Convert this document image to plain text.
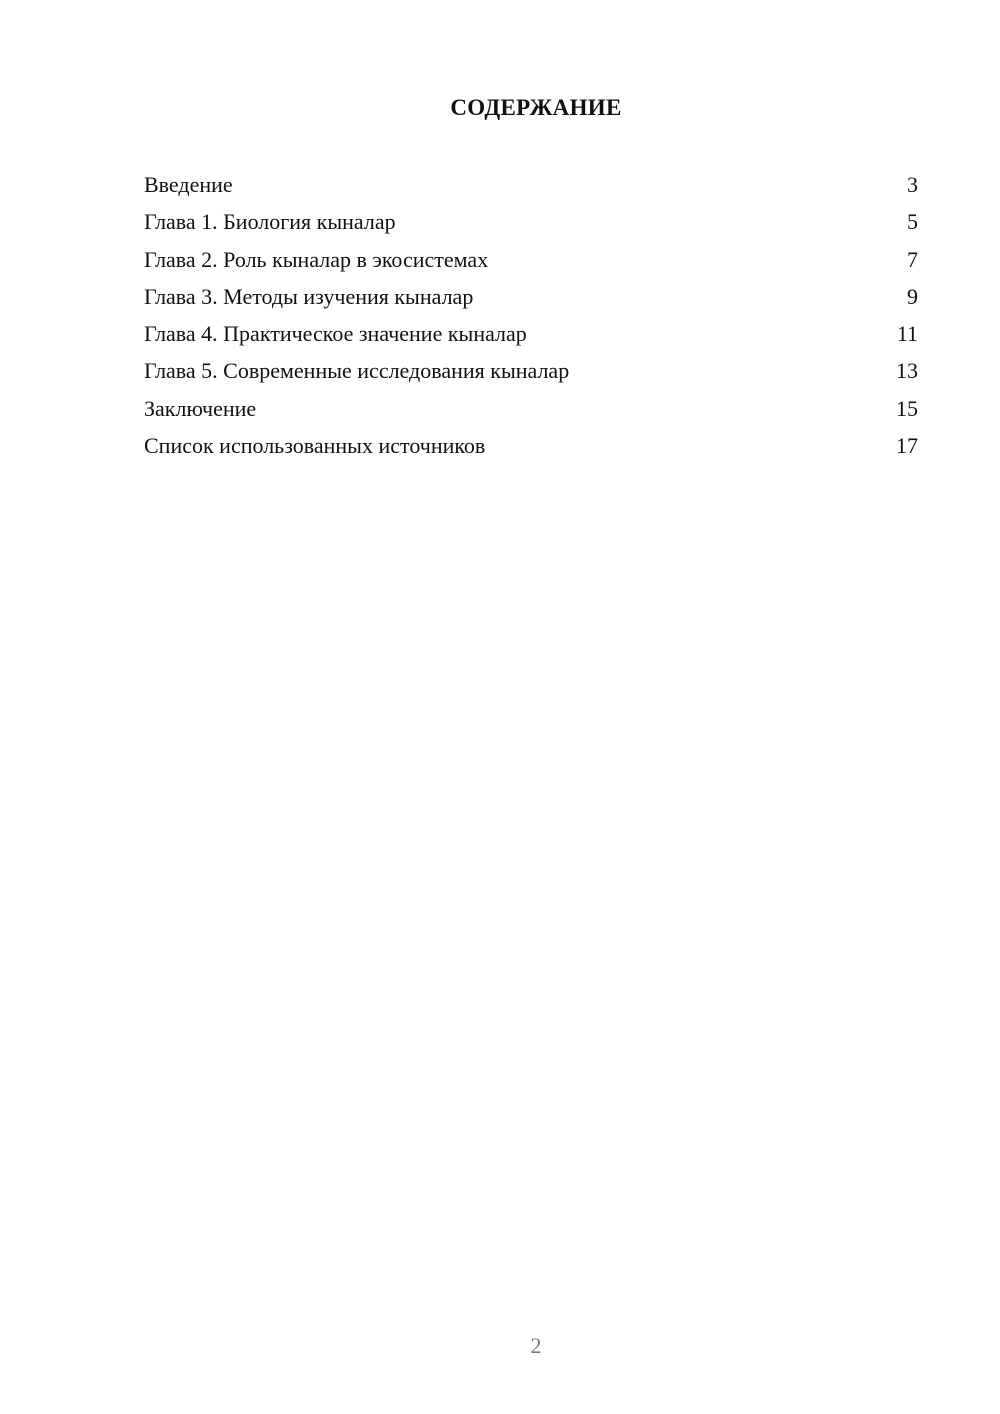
СОДЕРЖАНИЕ
Введение	3
Глава 1. Биология кыналар	5
Глава 2. Роль кыналар в экосистемах	7
Глава 3. Методы изучения кыналар	9
Глава 4. Практическое значение кыналар	11
Глава 5. Современные исследования кыналар	13
Заключение	15
Список использованных источников	17
2
